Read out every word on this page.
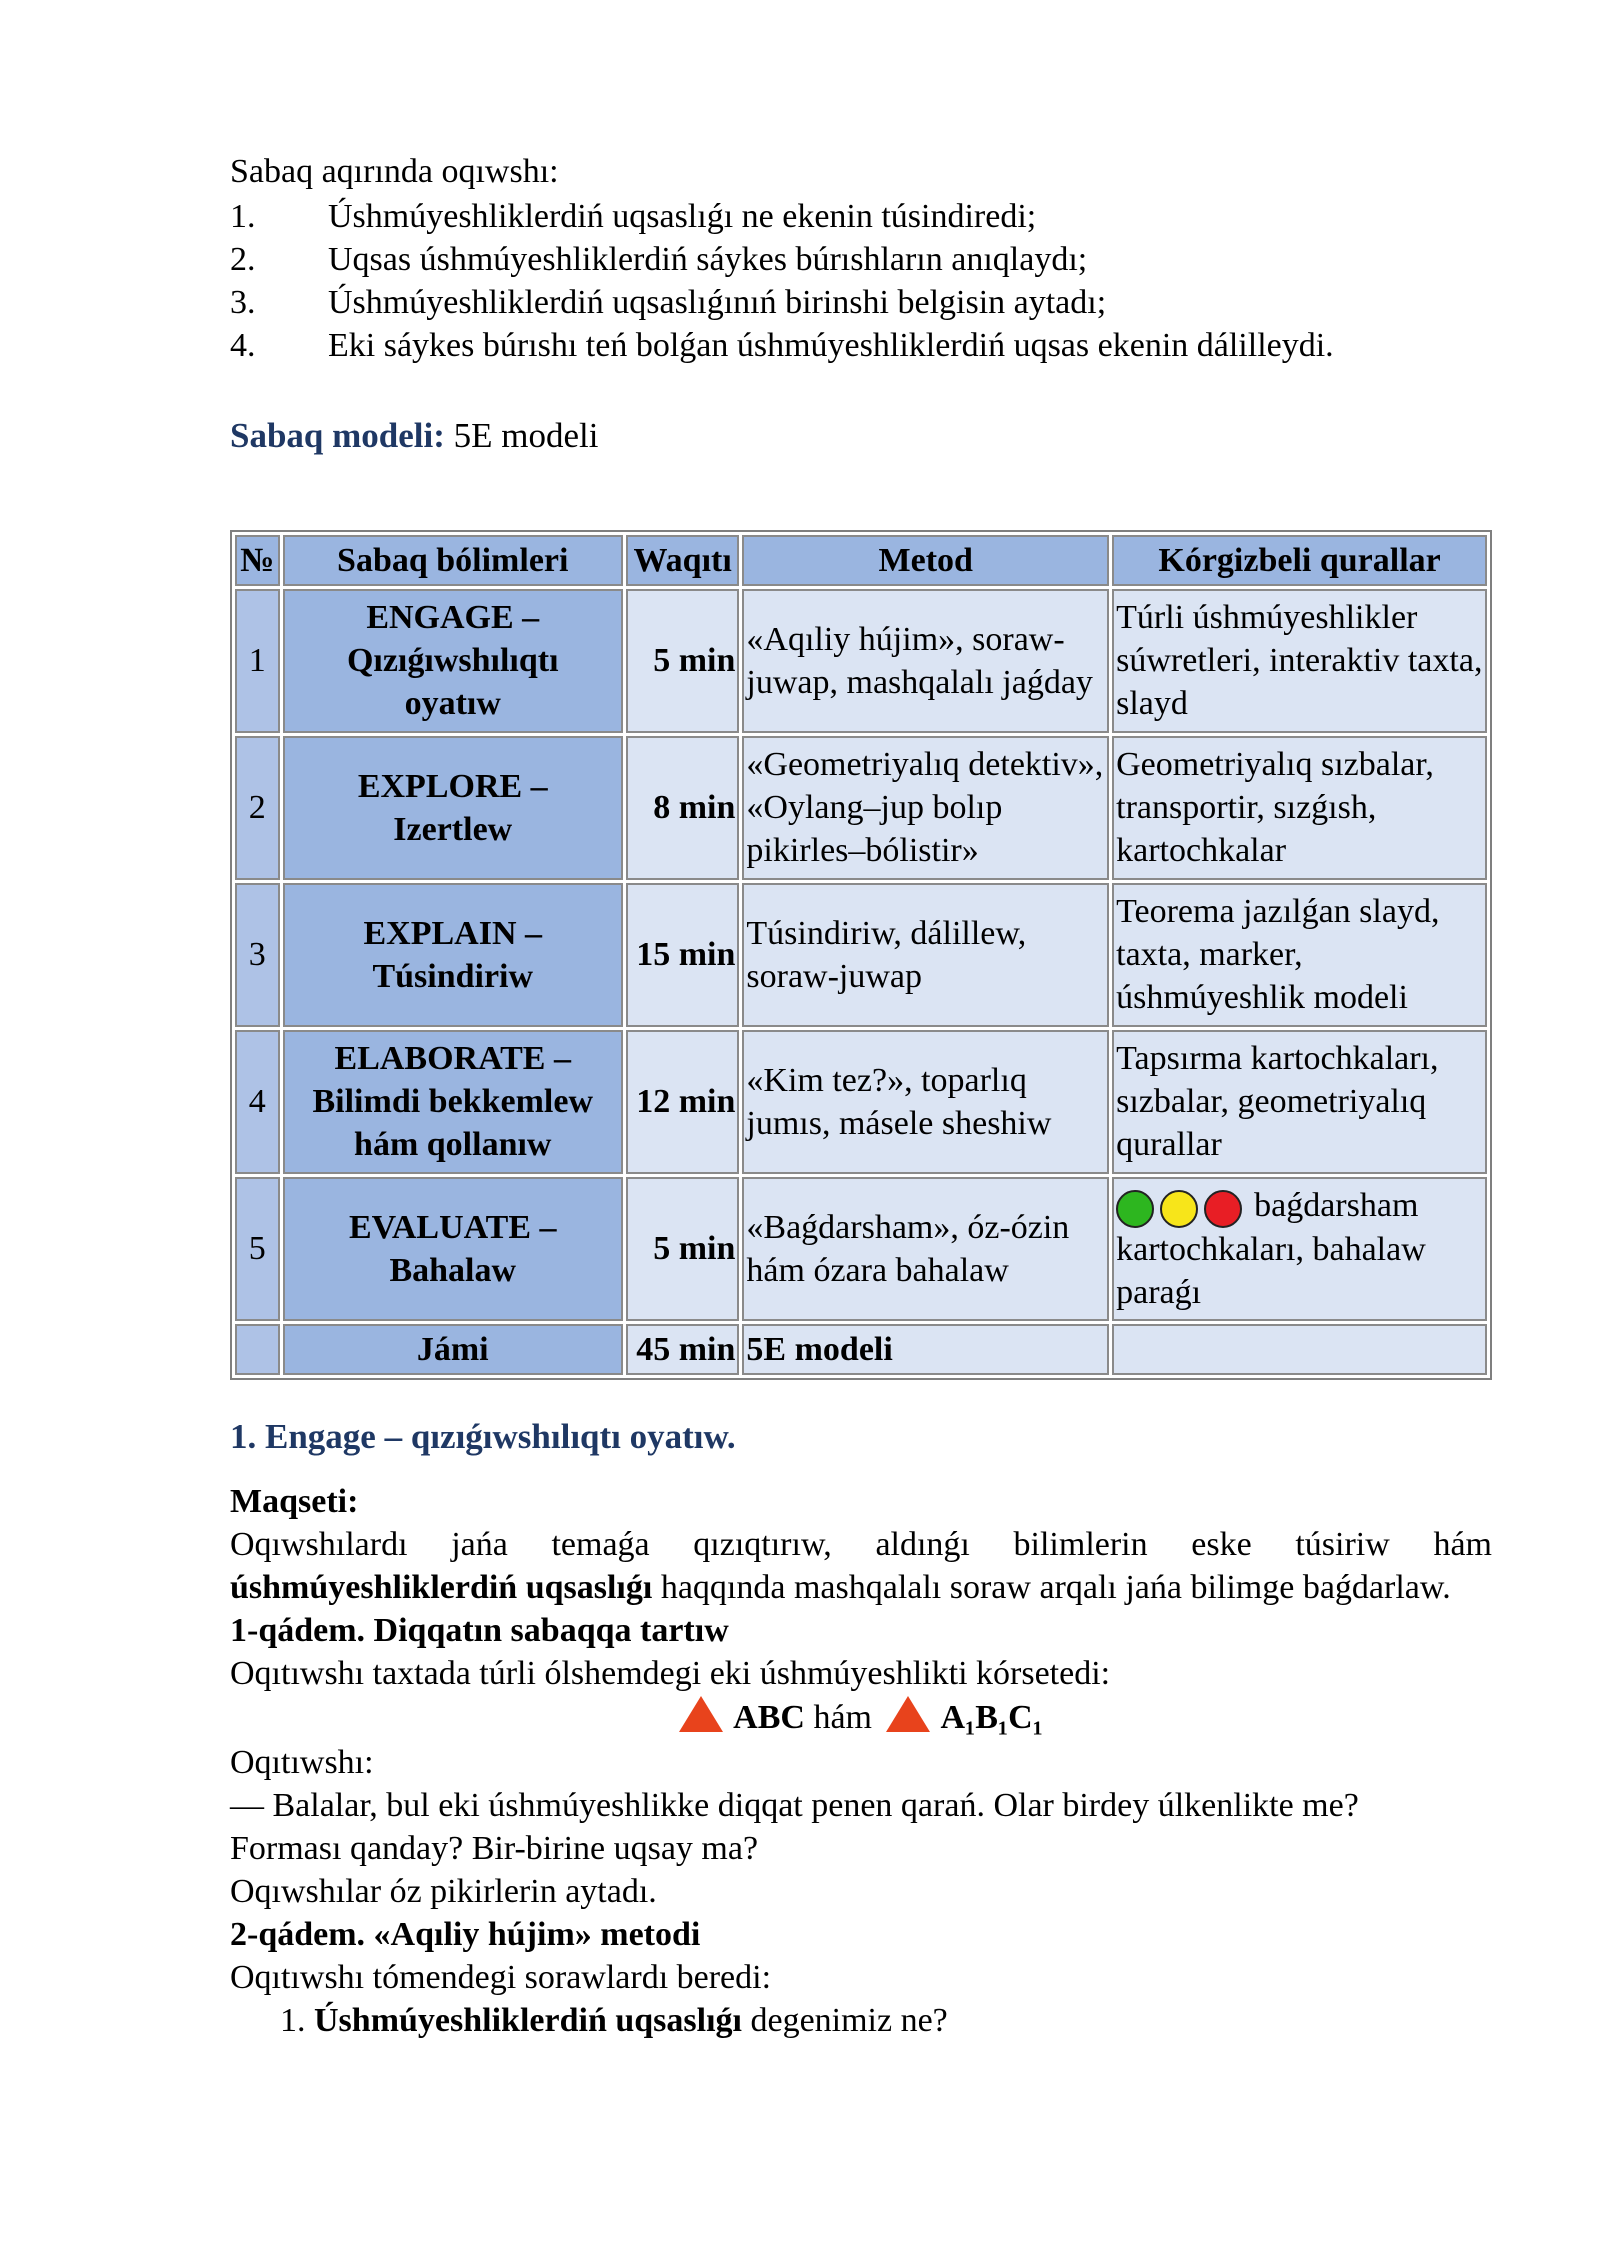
Sabaq aqırında oqıwshı:
1.	Úshmúyeshliklerdiń uqsaslıǵı ne ekenin túsindiredi;
2.	Uqsas úshmúyeshliklerdiń sáykes búrıshların anıqlaydı;
3.	Úshmúyeshliklerdiń uqsaslıǵınıń birinshi belgisin aytadı;
4.	Eki sáykes búrıshı teń bolǵan úshmúyeshliklerdiń uqsas ekenin dálilleydi.
Sabaq modeli: 5E modeli
№	Sabaq bólimleri	Waqıtı	Metod	Kórgizbeli qurallar
1	ENGAGE –
Qızıǵıwshılıqtı
oyatıw	5 min	«Aqıliy hújim», soraw-juwap, mashqalalı jaǵday	Túrli úshmúyeshlikler súwretleri, interaktiv taxta, slayd
2	EXPLORE –
Izertlew	8 min	«Geometriyalıq detektiv», «Oylang–jup bolıp pikirles–bólistir»	Geometriyalıq sızbalar, transportir, sızǵısh, kartochkalar
3	EXPLAIN –
Túsindiriw	15 min	Túsindiriw, dálillew, soraw-juwap	Teorema jazılǵan slayd, taxta, marker, úshmúyeshlik modeli
4	ELABORATE –
Bilimdi bekkemlew
hám qollanıw	12 min	«Kim tez?», toparlıq jumıs, másele sheshiw	Tapsırma kartochkaları, sızbalar, geometriyalıq qurallar
5	EVALUATE –
Bahalaw	5 min	«Baǵdarsham», óz-ózin hám ózara bahalaw	baǵdarsham kartochkaları, bahalaw paraǵı
	Jámi	45 min	5E modeli	
1. Engage – qızıǵıwshılıqtı oyatıw.
Maqseti:
Oqıwshılardı jańa temaǵa qızıqtırıw, aldınǵı bilimlerin eske túsiriw hám úshmúyeshliklerdiń uqsaslıǵı haqqında mashqalalı soraw arqalı jańa bilimge baǵdarlaw.
1-qádem. Diqqatın sabaqqa tartıw
Oqıtıwshı taxtada túrli ólshemdegi eki úshmúyeshlikti kórsetedi:
ABC hám A₁B₁C₁
Oqıtıwshı:
— Balalar, bul eki úshmúyeshlikke diqqat penen qarań. Olar birdey úlkenlikte me?
Forması qanday? Bir-birine uqsay ma?
Oqıwshılar óz pikirlerin aytadı.
2-qádem. «Aqıliy hújim» metodi
Oqıtıwshı tómendegi sorawlardı beredi:
1. Úshmúyeshliklerdiń uqsaslıǵı degenimiz ne?
